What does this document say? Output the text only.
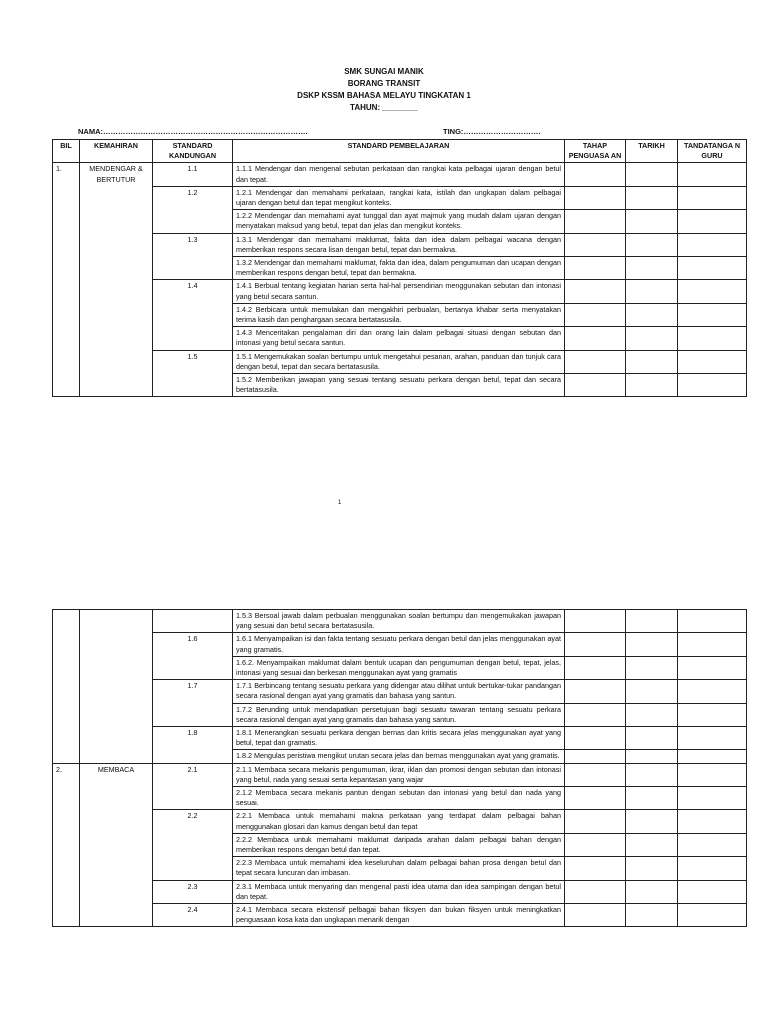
SMK SUNGAI MANIK
BORANG TRANSIT
DSKP KSSM BAHASA MELAYU TINGKATAN 1
TAHUN: ________
NAMA:……………………………………………………………………….	TING:………………………….
BIL	KEMAHIRAN	STANDARD KANDUNGAN	STANDARD PEMBELAJARAN	TAHAP PENGUASA AN	TARIKH	TANDATANGA N GURU
1.	MENDENGAR & BERTUTUR	1.1	1.1.1 Mendengar dan mengenal sebutan perkataan dan rangkai kata pelbagai ujaran dengan betul dan tepat.			
		1.2	1.2.1 Mendengar dan memahami perkataan, rangkai kata, istilah dan ungkapan dalam pelbagai ujaran dengan betul dan tepat mengikut konteks.			
			1.2.2 Mendengar dan memahami ayat tunggal dan ayat majmuk yang mudah dalam ujaran dengan menyatakan maksud yang betul, tepat dan jelas dan mengikut konteks.			
		1.3	1.3.1 Mendengar dan memahami maklumat, fakta dan idea dalam pelbagai wacana dengan memberikan respons secara lisan dengan betul, tepat dan bermakna.			
			1.3.2 Mendengar dan memahami maklumat, fakta dan idea, dalam pengumuman dan ucapan dengan memberikan respons dengan betul, tepat dan bermakna.			
		1.4	1.4.1 Berbual tentang kegiatan harian serta hal-hal persendirian menggunakan sebutan dan intonasi yang betul secara santun.			
			1.4.2 Berbicara untuk memulakan dan mengakhiri perbualan, bertanya khabar serta menyatakan terima kasih dan penghargaan secara bertatasusila.			
			1.4.3 Menceritakan pengalaman diri dan orang lain dalam pelbagai situasi dengan sebutan dan intonasi yang betul secara santun.			
		1.5	1.5.1 Mengemukakan soalan bertumpu untuk mengetahui pesanan, arahan, panduan dan tunjuk cara dengan betul, tepat dan secara bertatasusila.			
			1.5.2 Memberikan jawapan yang sesuai tentang sesuatu perkara dengan betul, tepat dan secara bertatasusila.			
1
			1.5.3 Bersoal jawab dalam perbualan menggunakan soalan bertumpu dan mengemukakan jawapan yang sesuai dan betul secara bertatasusila.			
		1.6	1.6.1 Menyampaikan isi dan fakta tentang sesuatu perkara dengan betul dan jelas menggunakan ayat yang gramatis.			
			1.6.2. Menyampaikan maklumat dalam bentuk ucapan dan pengumuman dengan betul, tepat, jelas, intonasi yang sesuai dan berkesan menggunakan ayat yang gramatis			
		1.7	1.7.1 Berbincang tentang sesuatu perkara yang didengar atau dilihat untuk bertukar-tukar pandangan secara rasional dengan ayat yang gramatis dan bahasa yang santun.			
			1.7.2 Berunding untuk mendapatkan persetujuan bagi sesuatu tawaran tentang sesuatu perkara secara rasional dengan ayat yang gramatis dan bahasa yang santun.			
		1.8	1.8.1 Menerangkan sesuatu perkara dengan bernas dan kritis secara jelas menggunakan ayat yang betul, tepat dan gramatis.			
			1.8.2 Mengulas peristiwa mengikut urutan secara jelas dan bernas menggunakan ayat yang gramatis.			
2.	MEMBACA	2.1	2.1.1 Membaca secara mekanis pengumuman, ikrar, iklan dan promosi dengan sebutan dan intonasi yang betul, nada yang sesuai serta kepantasan yang wajar			
			2.1.2 Membaca secara mekanis pantun dengan sebutan dan intonasi yang betul dan nada yang sesuai.			
		2.2	2.2.1 Membaca untuk memahami makna perkataan yang terdapat dalam pelbagai bahan menggunakan glosari dan kamus dengan betul dan tepat			
			2.2.2 Membaca untuk memahami maklumat daripada arahan dalam pelbagai bahan dengan memberikan respons dengan betul dan tepat.			
			2.2.3 Membaca untuk memahami idea keseluruhan dalam pelbagai bahan prosa dengan betul dan tepat secara luncuran dan imbasan.			
		2.3	2.3.1 Membaca untuk menyaring dan mengenal pasti idea utama dan idea sampingan dengan betul dan tepat.			
		2.4	2.4.1 Membaca secara ekstensif pelbagai bahan fiksyen dan bukan fiksyen untuk meningkatkan penguasaan kosa kata dan ungkapan menarik dengan			
